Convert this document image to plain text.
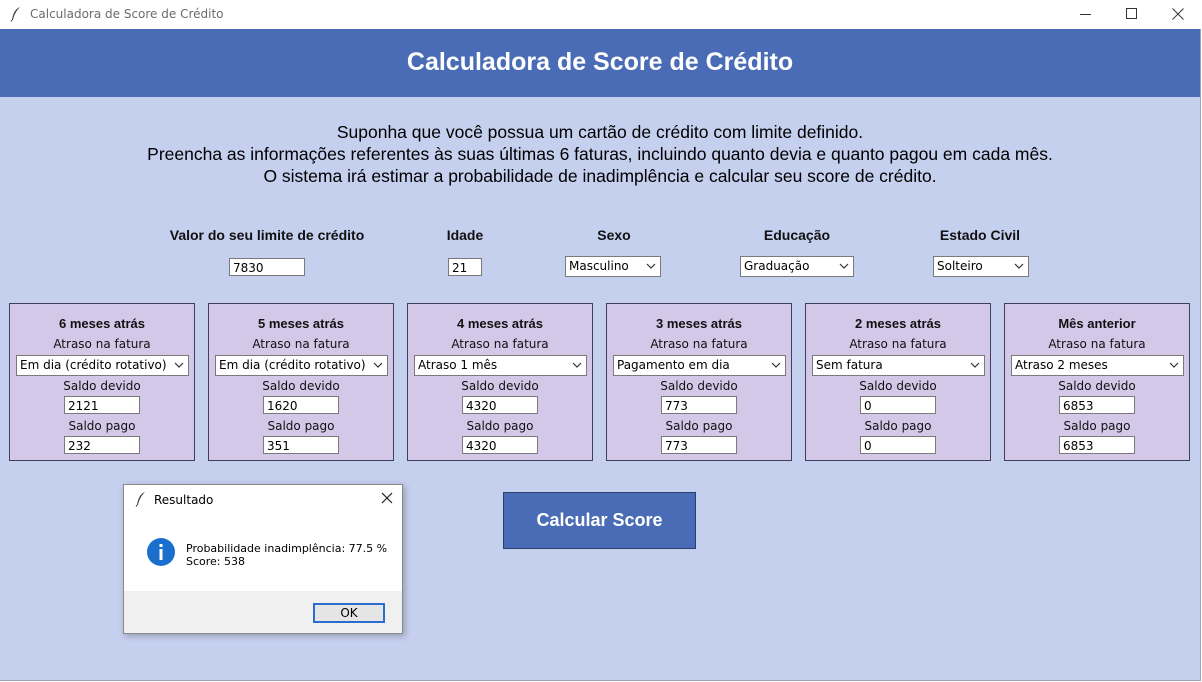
Calculadora de Score de Crédito
Calculadora de Score de Crédito
Suponha que você possua um cartão de crédito com limite definido.
Preencha as informações referentes às suas últimas 6 faturas, incluindo quanto devia e quanto pagou em cada mês.
O sistema irá estimar a probabilidade de inadimplência e calcular seu score de crédito.
Valor do seu limite de crédito	Idade	Sexo	Educação	Estado Civil
7830	21	Masculino	Graduação	Solteiro
6 meses atrás
Atraso na fatura
Em dia (crédito rotativo)
Saldo devido
2121
Saldo pago
232
5 meses atrás
Atraso na fatura
Em dia (crédito rotativo)
Saldo devido
1620
Saldo pago
351
4 meses atrás
Atraso na fatura
Atraso 1 mês
Saldo devido
4320
Saldo pago
4320
3 meses atrás
Atraso na fatura
Pagamento em dia
Saldo devido
773
Saldo pago
773
2 meses atrás
Atraso na fatura
Sem fatura
Saldo devido
0
Saldo pago
0
Mês anterior
Atraso na fatura
Atraso 2 meses
Saldo devido
6853
Saldo pago
6853
Calcular Score
Resultado
Probabilidade inadimplência: 77.5 %
Score: 538
OK
